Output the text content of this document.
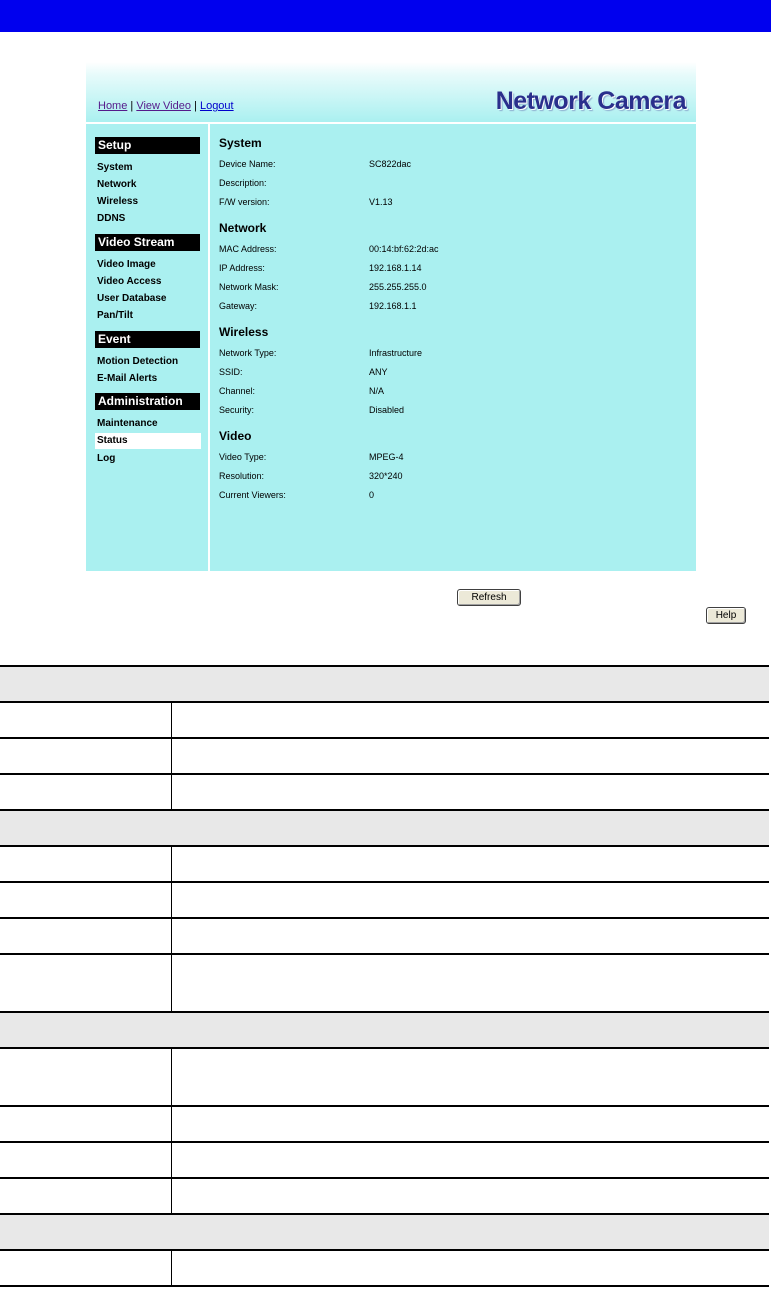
Home | View Video | Logout	Network Camera
Setup
System
Network
Wireless
DDNS
Video Stream
Video Image
Video Access
User Database
Pan/Tilt
Event
Motion Detection
E-Mail Alerts
Administration
Maintenance
Status
Log
System
Device Name:	SC822dac
Description:
F/W version:	V1.13
Network
MAC Address:	00:14:bf:62:2d:ac
IP Address:	192.168.1.14
Network Mask:	255.255.255.0
Gateway:	192.168.1.1
Wireless
Network Type:	Infrastructure
SSID:	ANY
Channel:	N/A
Security:	Disabled
Video
Video Type:	MPEG-4
Resolution:	320*240
Current Viewers:	0
Refresh
Help
